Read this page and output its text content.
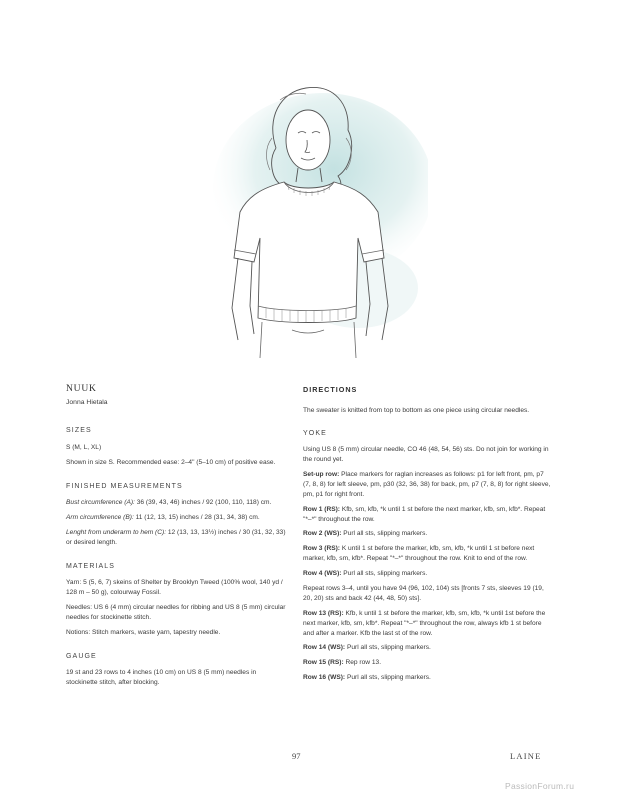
NUUK
Jonna Hietala
SIZES

S (M, L, XL)

Shown in size S. Recommended ease: 2–4" (5–10 cm) of positive ease.

FINISHED MEASUREMENTS

Bust circumference (A): 36 (39, 43, 46) inches / 92 (100, 110, 118) cm.

Arm circumference (B): 11 (12, 13, 15) inches / 28 (31, 34, 38) cm.

Lenght from underarm to hem (C): 12 (13, 13, 13½) inches / 30 (31, 32, 33) or desired length.

MATERIALS

Yarn: 5 (5, 6, 7) skeins of Shelter by Brooklyn Tweed (100% wool, 140 yd / 128 m – 50 g), colourway Fossil.

Needles: US 6 (4 mm) circular needles for ribbing and US 8 (5 mm) circular needles for stockinette stitch.

Notions: Stitch markers, waste yarn, tapestry needle.

GAUGE

19 st and 23 rows to 4 inches (10 cm) on US 8 (5 mm) needles in stockinette stitch, after blocking.

DIRECTIONS

The sweater is knitted from top to bottom as one piece using circular needles.

YOKE

Using US 8 (5 mm) circular needle, CO 46 (48, 54, 56) sts. Do not join for working in the round yet.

Set-up row: Place markers for raglan increases as follows: p1 for left front, pm, p7 (7, 8, 8) for left sleeve, pm, p30 (32, 36, 38) for back, pm, p7 (7, 8, 8) for right sleeve, pm, p1 for right front.

Row 1 (RS): Kfb, sm, kfb, *k until 1 st before the next marker, kfb, sm, kfb*. Repeat "*–*" throughout the row.

Row 2 (WS): Purl all sts, slipping markers.

Row 3 (RS): K until 1 st before the marker, kfb, sm, kfb, *k until 1 st before next marker, kfb, sm, kfb*. Repeat "*–*" throughout the row. Knit to end of the row.

Row 4 (WS): Purl all sts, slipping markers.

Repeat rows 3–4, until you have 94 (96, 102, 104) sts [fronts 7 sts, sleeves 19 (19, 20, 20) sts and back 42 (44, 48, 50) sts].

Row 13 (RS): Kfb, k until 1 st before the marker, kfb, sm, kfb, *k until 1st before the next marker, kfb, sm, kfb*. Repeat "*–*" throughout the row, always kfb 1 st before and after a marker. Kfb the last st of the row.

Row 14 (WS): Purl all sts, slipping markers.

Row 15 (RS): Rep row 13.

Row 16 (WS): Purl all sts, slipping markers.

97	LAINE
PassionForum.ru
